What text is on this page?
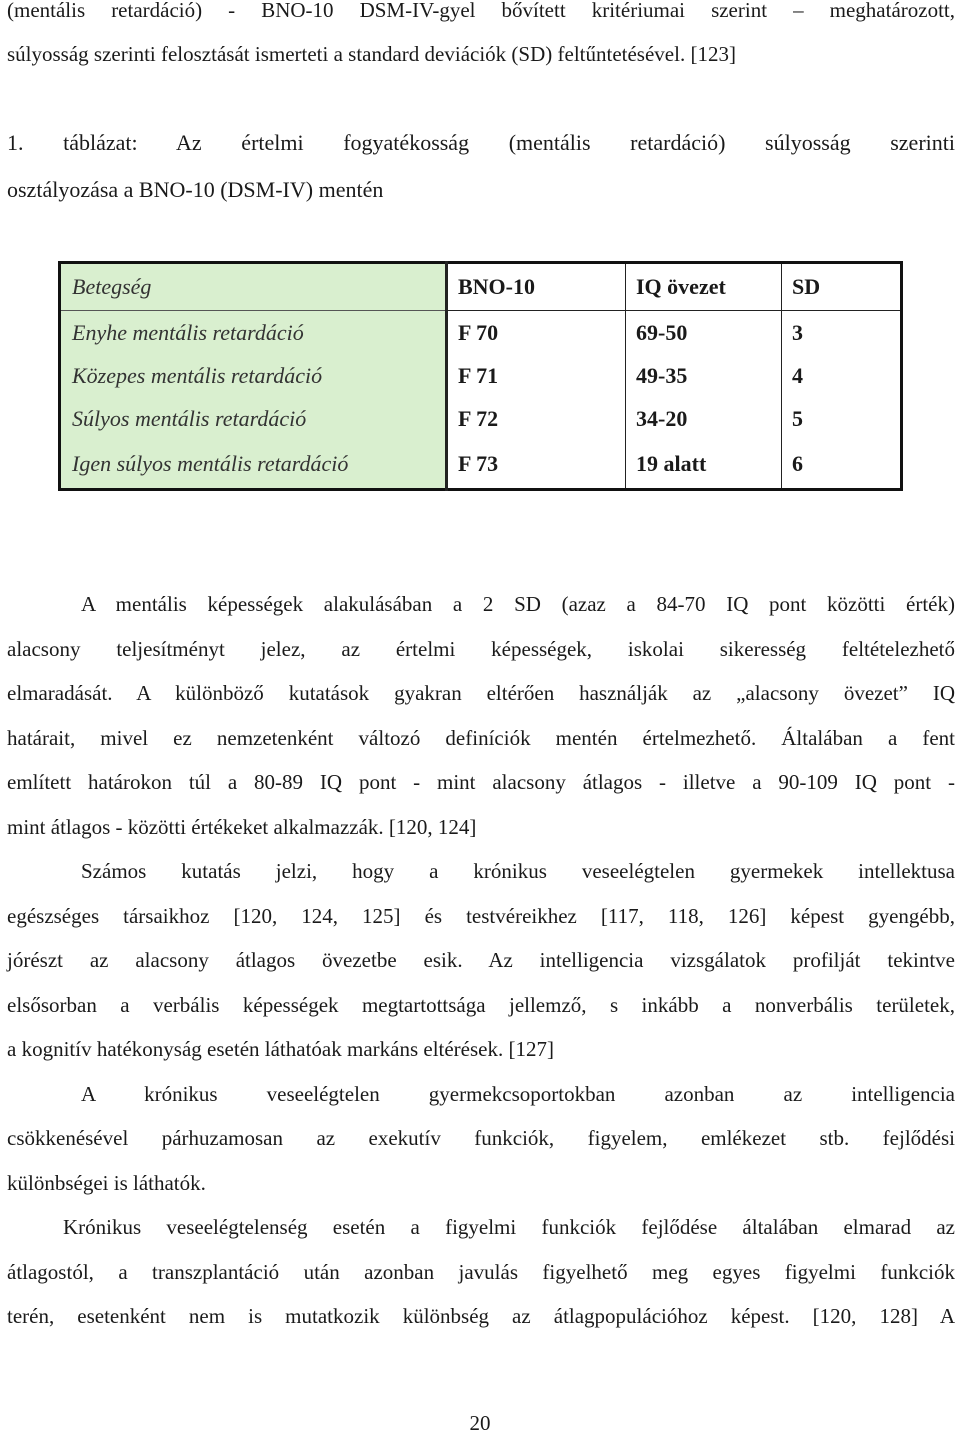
(mentális retardáció) - BNO-10 DSM-IV-gyel bővített kritériumai szerint – meghatározott,
súlyosság szerinti felosztását ismerteti a standard deviációk (SD) feltűntetésével. [123]
1. táblázat: Az értelmi fogyatékosság (mentális retardáció) súlyosság szerinti
osztályozása a BNO-10 (DSM-IV) mentén
Betegség	BNO-10	IQ övezet	SD
Enyhe mentális retardáció	F 70	69-50	3
Közepes mentális retardáció	F 71	49-35	4
Súlyos mentális retardáció	F 72	34-20	5
Igen súlyos mentális retardáció	F 73	19 alatt	6
A mentális képességek alakulásában a 2 SD (azaz a 84-70 IQ pont közötti érték)
alacsony teljesítményt jelez, az értelmi képességek, iskolai sikeresség feltételezhető
elmaradását. A különböző kutatások gyakran eltérően használják az „alacsony övezet” IQ
határait, mivel ez nemzetenként változó definíciók mentén értelmezhető. Általában a fent
említett határokon túl a 80-89 IQ pont - mint alacsony átlagos - illetve a 90-109 IQ pont -
mint átlagos - közötti értékeket alkalmazzák. [120, 124]
Számos kutatás jelzi, hogy a krónikus veseelégtelen gyermekek intellektusa
egészséges társaikhoz [120, 124, 125] és testvéreikhez [117, 118, 126] képest gyengébb,
jórészt az alacsony átlagos övezetbe esik. Az intelligencia vizsgálatok profilját tekintve
elsősorban a verbális képességek megtartottsága jellemző, s inkább a nonverbális területek,
a kognitív hatékonyság esetén láthatóak markáns eltérések. [127]
A krónikus veseelégtelen gyermekcsoportokban azonban az intelligencia
csökkenésével párhuzamosan az exekutív funkciók, figyelem, emlékezet stb. fejlődési
különbségei is láthatók.
Krónikus veseelégtelenség esetén a figyelmi funkciók fejlődése általában elmarad az
átlagostól, a transzplantáció után azonban javulás figyelhető meg egyes figyelmi funkciók
terén, esetenként nem is mutatkozik különbség az átlagpopulációhoz képest. [120, 128] A
20
